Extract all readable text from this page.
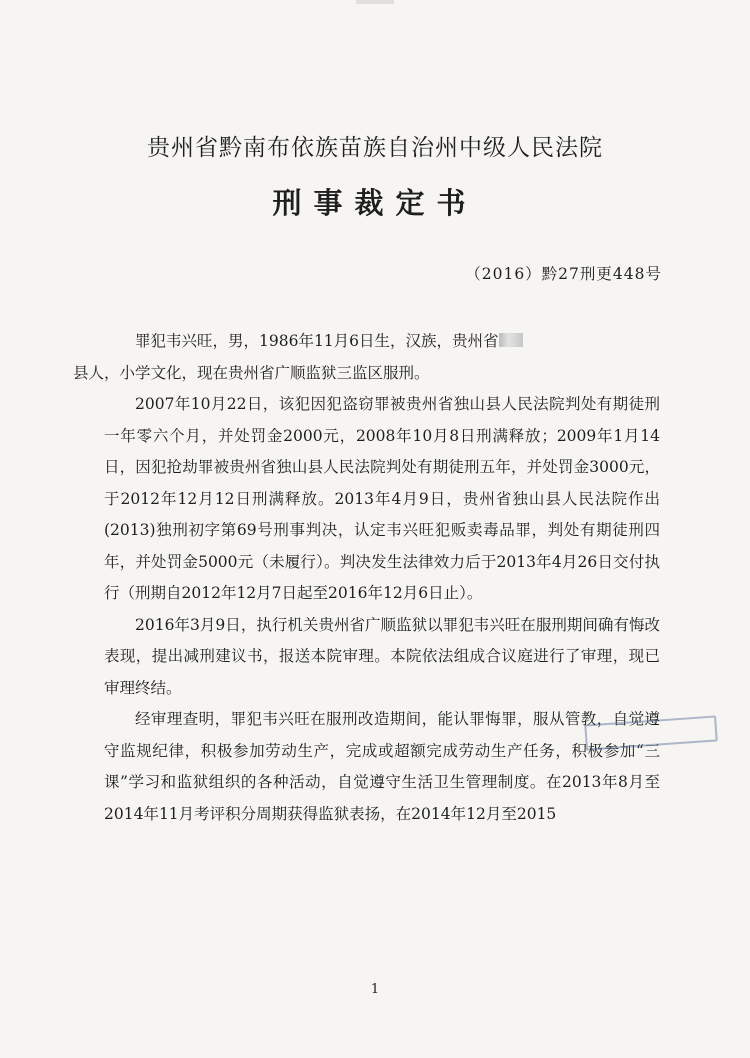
贵州省黔南布依族苗族自治州中级人民法院
刑事裁定书
（2016）黔27刑更448号

罪犯韦兴旺，男，1986年11月6日生，汉族，贵州省
县人，小学文化，现在贵州省广顺监狱三监区服刑。

2007年10月22日，该犯因犯盗窃罪被贵州省独山县人民法院判处有期徒刑一年零六个月，并处罚金2000元，2008年10月8日刑满释放；2009年1月14日，因犯抢劫罪被贵州省独山县人民法院判处有期徒刑五年，并处罚金3000元，于2012年12月12日刑满释放。2013年4月9日，贵州省独山县人民法院作出(2013)独刑初字第69号刑事判决，认定韦兴旺犯贩卖毒品罪，判处有期徒刑四年，并处罚金5000元（未履行）。判决发生法律效力后于2013年4月26日交付执行（刑期自2012年12月7日起至2016年12月6日止）。

2016年3月9日，执行机关贵州省广顺监狱以罪犯韦兴旺在服刑期间确有悔改表现，提出减刑建议书，报送本院审理。本院依法组成合议庭进行了审理，现已审理终结。

经审理查明，罪犯韦兴旺在服刑改造期间，能认罪悔罪，服从管教，自觉遵守监规纪律，积极参加劳动生产，完成或超额完成劳动生产任务，积极参加“三课”学习和监狱组织的各种活动，自觉遵守生活卫生管理制度。在2013年8月至2014年11月考评积分周期获得监狱表扬，在2014年12月至2015

1
